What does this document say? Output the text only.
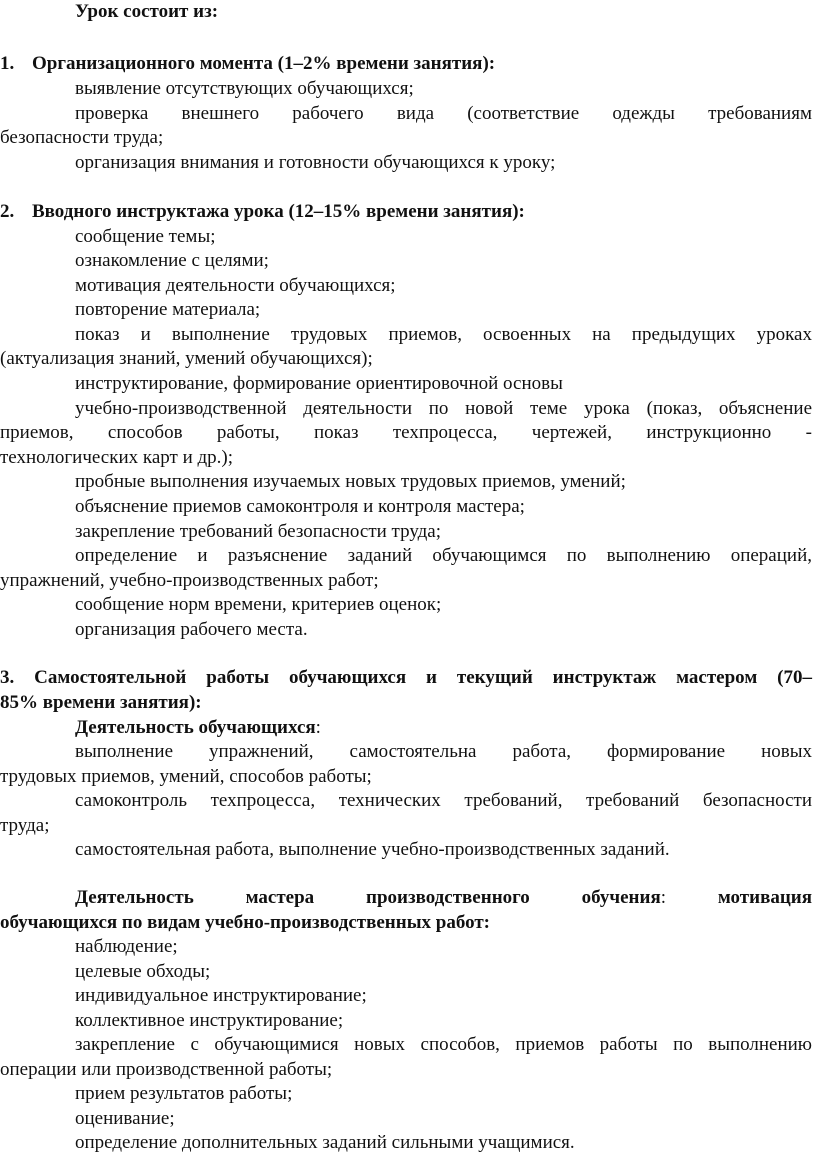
Урок состоит из:
1. Организационного момента (1–2% времени занятия):
выявление отсутствующих обучающихся;
проверка внешнего рабочего вида (соответствие одежды требованиям
безопасности труда;
организация внимания и готовности обучающихся к уроку;
2. Вводного инструктажа урока (12–15% времени занятия):
сообщение темы;
ознакомление с целями;
мотивация деятельности обучающихся;
повторение материала;
показ и выполнение трудовых приемов, освоенных на предыдущих уроках
(актуализация знаний, умений обучающихся);
инструктирование, формирование ориентировочной основы
учебно-производственной деятельности по новой теме урока (показ, объяснение
приемов, способов работы, показ техпроцесса, чертежей, инструкционно -
технологических карт и др.);
пробные выполнения изучаемых новых трудовых приемов, умений;
объяснение приемов самоконтроля и контроля мастера;
закрепление требований безопасности труда;
определение и разъяснение заданий обучающимся по выполнению операций,
упражнений, учебно-производственных работ;
сообщение норм времени, критериев оценок;
организация рабочего места.
3. Самостоятельной работы обучающихся и текущий инструктаж мастером (70–
85% времени занятия):
Деятельность обучающихся:
выполнение упражнений, самостоятельна работа, формирование новых
трудовых приемов, умений, способов работы;
самоконтроль техпроцесса, технических требований, требований безопасности
труда;
самостоятельная работа, выполнение учебно-производственных заданий.
Деятельность мастера производственного обучения:	мотивация
обучающихся по видам учебно-производственных работ:
наблюдение;
целевые обходы;
индивидуальное инструктирование;
коллективное инструктирование;
закрепление с обучающимися новых способов, приемов работы по выполнению
операции или производственной работы;
прием результатов работы;
оценивание;
определение дополнительных заданий сильными учащимися.
